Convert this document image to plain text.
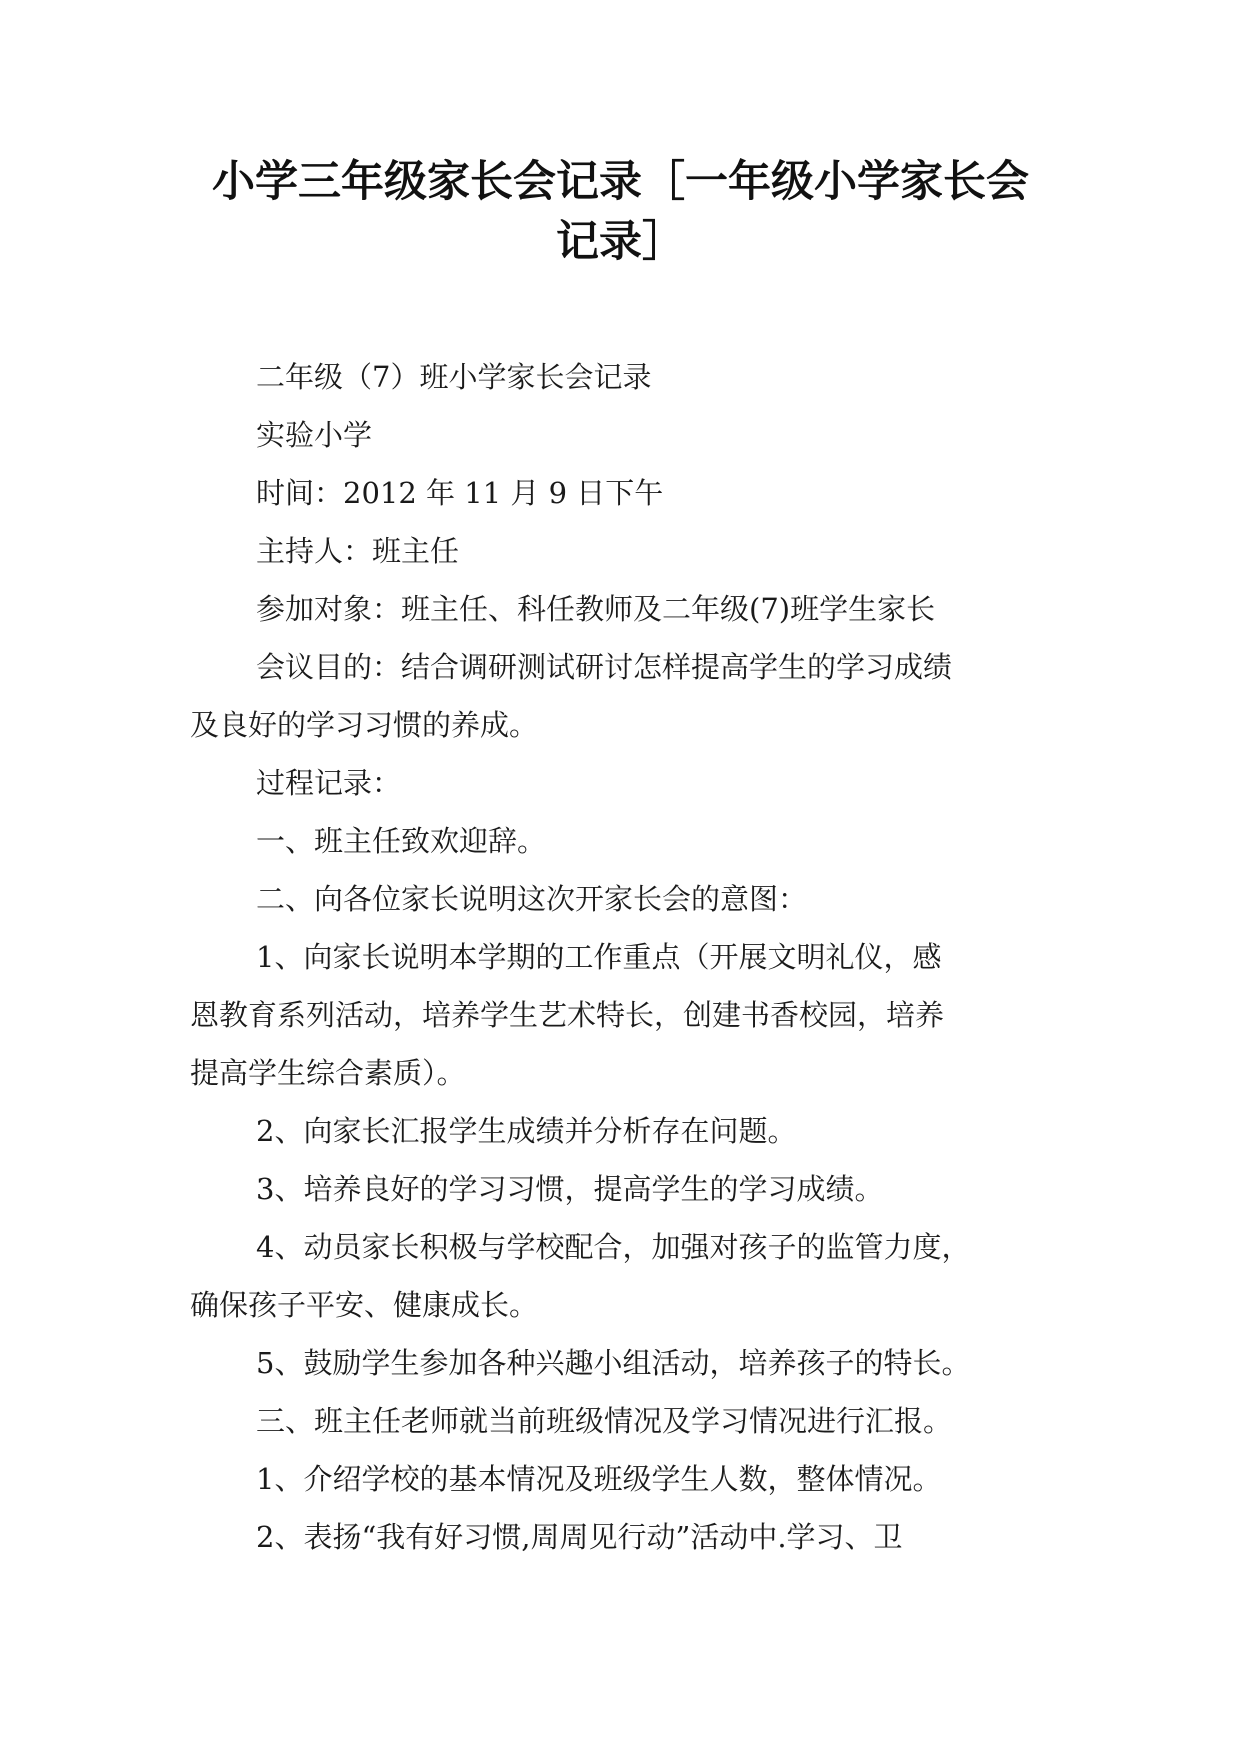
小学三年级家长会记录［一年级小学家长会
记录］
二年级（7）班小学家长会记录
实验小学
时间：2012 年 11 月 9 日下午
主持人：班主任
参加对象：班主任、科任教师及二年级(7)班学生家长
会议目的：结合调研测试研讨怎样提高学生的学习成绩
及良好的学习习惯的养成。
过程记录：
一、班主任致欢迎辞。
二、向各位家长说明这次开家长会的意图：
1、向家长说明本学期的工作重点（开展文明礼仪，感
恩教育系列活动，培养学生艺术特长，创建书香校园，培养
提高学生综合素质）。
2、向家长汇报学生成绩并分析存在问题。
3、培养良好的学习习惯，提高学生的学习成绩。
4、动员家长积极与学校配合，加强对孩子的监管力度，
确保孩子平安、健康成长。
5、鼓励学生参加各种兴趣小组活动，培养孩子的特长。
三、班主任老师就当前班级情况及学习情况进行汇报。
1、介绍学校的基本情况及班级学生人数，整体情况。
2、表扬“我有好习惯,周周见行动”活动中.学习、卫
